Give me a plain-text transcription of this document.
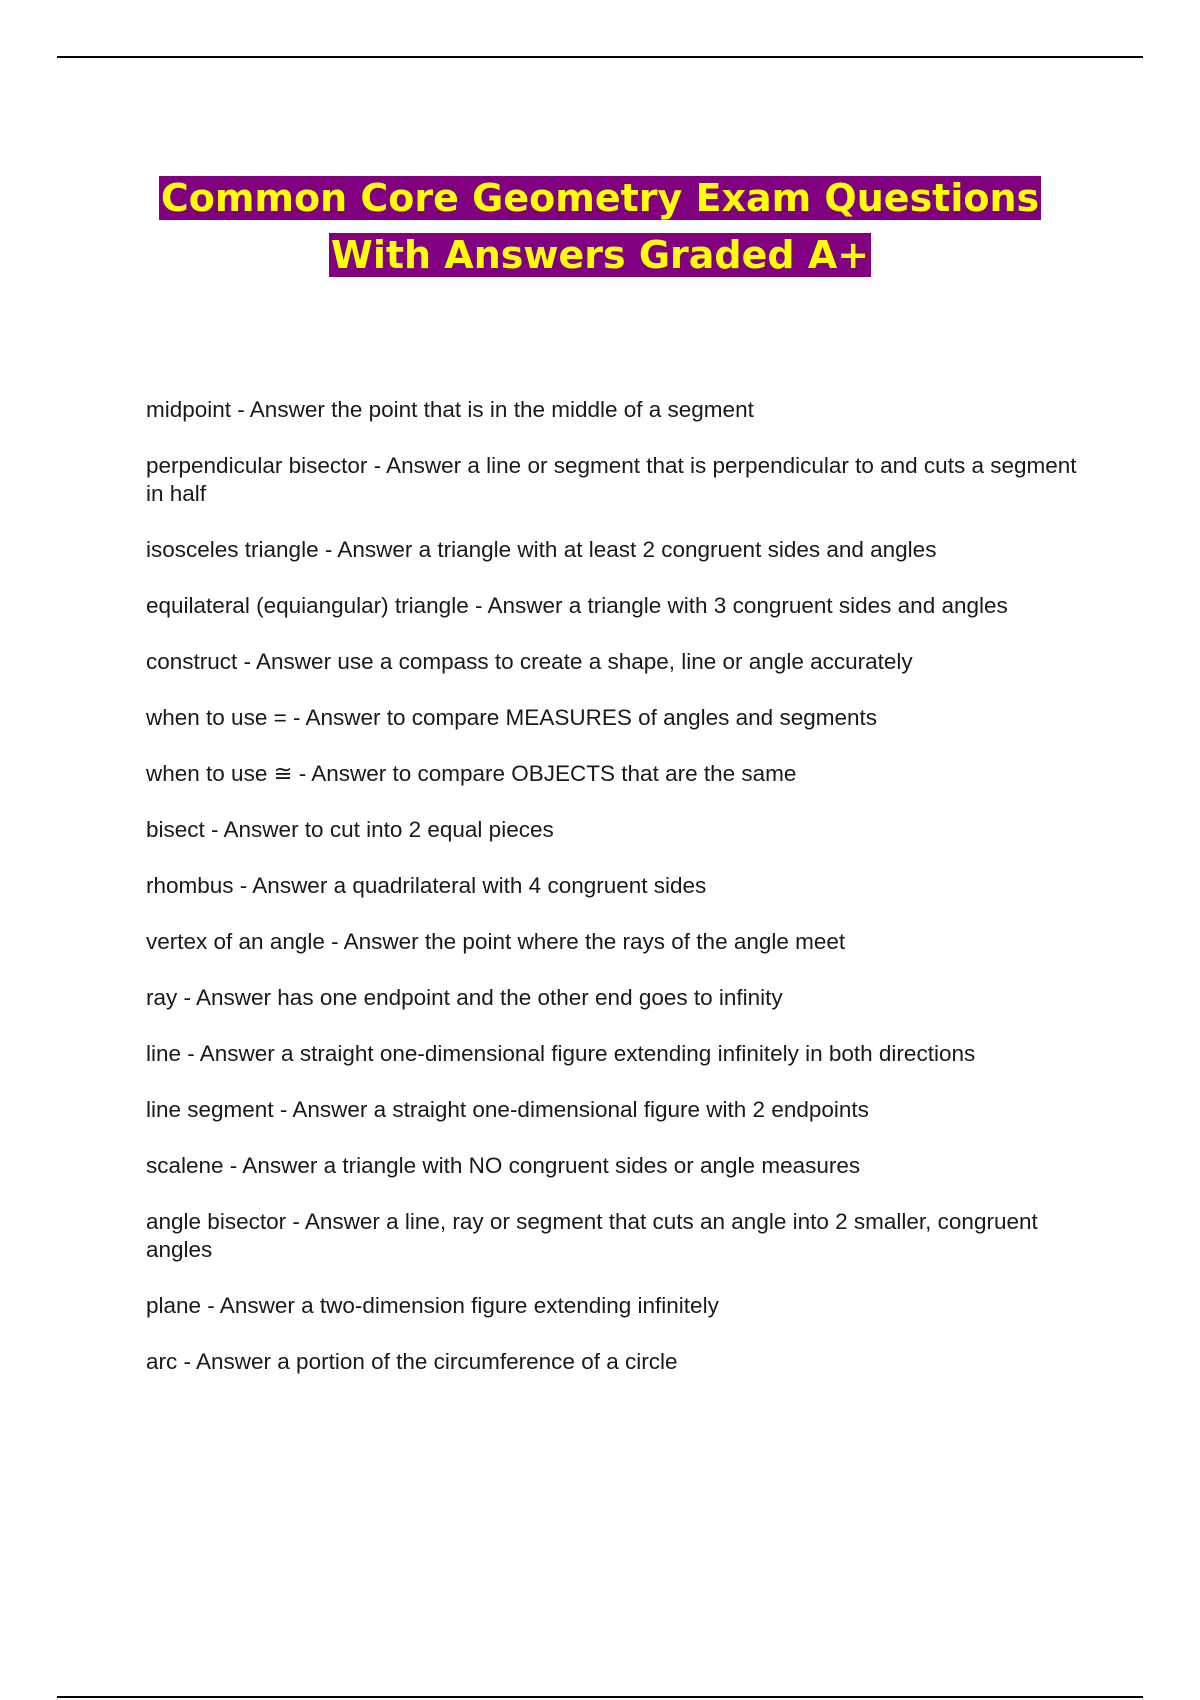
Common Core Geometry Exam Questions
With Answers Graded A+
midpoint - Answer the point that is in the middle of a segment
perpendicular bisector - Answer a line or segment that is perpendicular to and cuts a segment in half
isosceles triangle - Answer a triangle with at least 2 congruent sides and angles
equilateral (equiangular) triangle - Answer a triangle with 3 congruent sides and angles
construct - Answer use a compass to create a shape, line or angle accurately
when to use = - Answer to compare MEASURES of angles and segments
when to use ≅ - Answer to compare OBJECTS that are the same
bisect - Answer to cut into 2 equal pieces
rhombus - Answer a quadrilateral with 4 congruent sides
vertex of an angle - Answer the point where the rays of the angle meet
ray - Answer has one endpoint and the other end goes to infinity
line - Answer a straight one-dimensional figure extending infinitely in both directions
line segment - Answer a straight one-dimensional figure with 2 endpoints
scalene - Answer a triangle with NO congruent sides or angle measures
angle bisector - Answer a line, ray or segment that cuts an angle into 2 smaller, congruent angles
plane - Answer a two-dimension figure extending infinitely
arc - Answer a portion of the circumference of a circle
